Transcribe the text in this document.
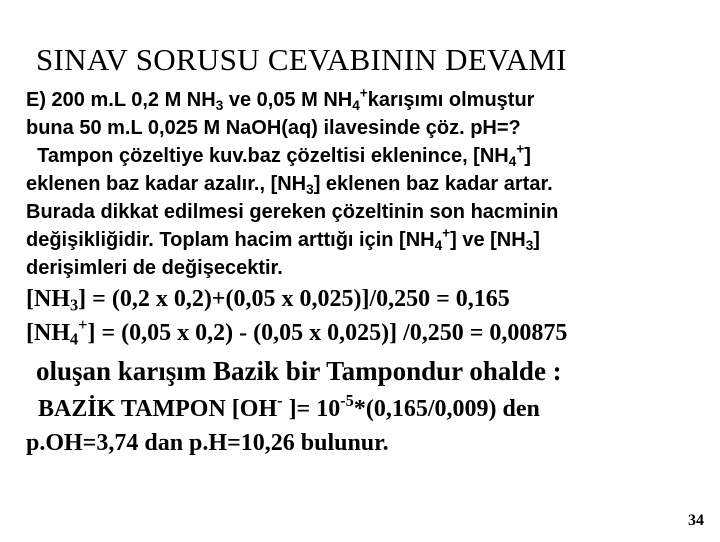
SINAV SORUSU CEVABININ DEVAMI
E) 200 m.L 0,2 M $NH_3$ ve 0,05 M $NH_4^+karışımı$ olmuştur
buna 50 m.L 0,025 M NaOH(aq) ilavesinde çöz. pH=?
Tampon çözeltiye kuv.baz çözeltisi eklenince, $[NH_4^+]$
eklenen baz kadar azalır., $[NH_3]$ eklenen baz kadar artar.
Burada dikkat edilmesi gereken çözeltinin son hacminin
değişikliğidir. Toplam hacim arttığı için $[NH_4^+]$ ve $[NH_3]$
derişimleri de değişecektir.
$[NH_3] = (0,2$ x 0,2)+(0,05 x 0,025)]/0,250 = 0,165
$[NH_4^+] = (0,05$ x 0,2) - (0,05 x 0,025)] /0,250 = 0,00875
oluşan karışım Bazik bir Tampondur ohalde :
BAZİK TAMPON [OH- ]= $10^{-5}*(0,165/0,009)$ den
p.OH=3,74 dan p.H=10,26 bulunur.
34
